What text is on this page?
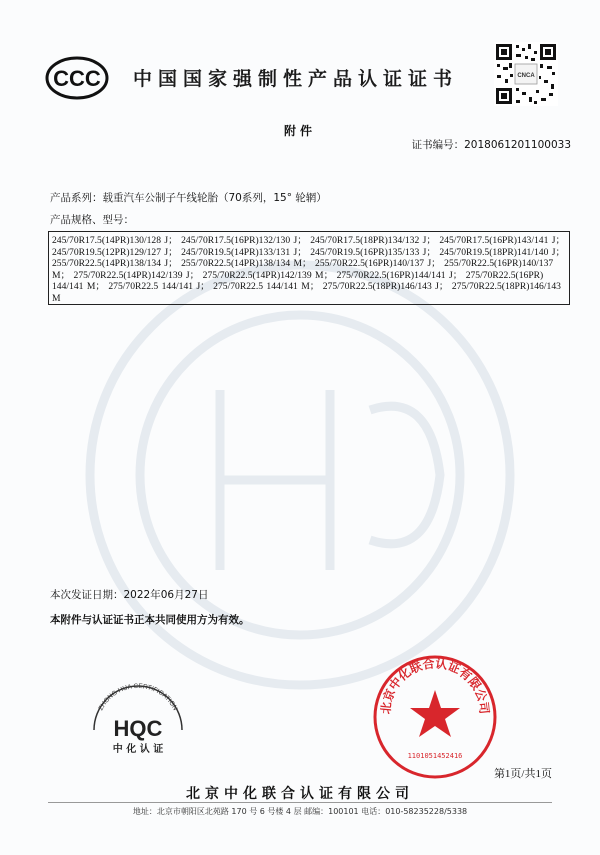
CCC 中国国家强制性产品认证证书	CNCA
附件
证书编号：2018061201100033
产品系列：载重汽车公制子午线轮胎（70系列，15° 轮辋）
产品规格、型号：
245/70R17.5(14PR)130/128 J； 245/70R17.5(16PR)132/130 J； 245/70R17.5(18PR)134/132 J； 245/70R17.5(16PR)143/141 J； 245/70R19.5(12PR)129/127 J； 245/70R19.5(14PR)133/131 J； 245/70R19.5(16PR)135/133 J； 245/70R19.5(18PR)141/140 J； 255/70R22.5(14PR)138/134 J； 255/70R22.5(14PR)138/134 M； 255/70R22.5(16PR)140/137 J； 255/70R22.5(16PR)140/137 M； 275/70R22.5(14PR)142/139 J； 275/70R22.5(14PR)142/139 M； 275/70R22.5(16PR)144/141 J； 275/70R22.5(16PR) 144/141 M； 275/70R22.5 144/141 J； 275/70R22.5 144/141 M； 275/70R22.5(18PR)146/143 J； 275/70R22.5(18PR)146/143 M
本次发证日期：2022年06月27日
本附件与认证证书正本共同使用方为有效。
ZHONG HUA CERTIFICATION
HQC
中 化 认 证
北京中化联合认证有限公司
1101051452416
第1页/共1页
北京中化联合认证有限公司
地址：北京市朝阳区北苑路 170 号 6 号楼 4 层 邮编：100101 电话：010-58235228/5338
